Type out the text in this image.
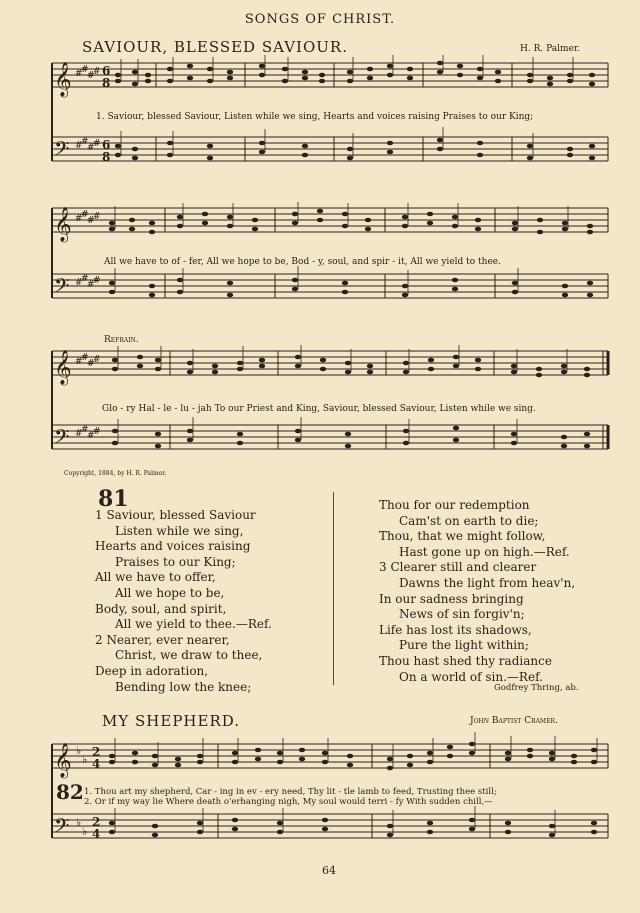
SONGS OF CHRIST.
SAVIOUR, BLESSED SAVIOUR.	H. R. Palmer.
𝄞
𝄢
#
#
#
#
#
#
#
#
6
8
6
8
1. Saviour, blessed Saviour, Listen while we sing, Hearts and voices raising Praises to our King;
𝄞
𝄢
#
#
#
#
#
#
#
#
All we have to of - fer, All we hope to be, Bod - y, soul, and spir - it, All we yield to thee.
Refrain.
𝄞
𝄢
#
#
#
#
#
#
#
#
Glo - ry Hal - le - lu - jah To our Priest and King, Saviour, blessed Saviour, Listen while we sing.
Copyright, 1884, by H. R. Palmer.
81
1 Saviour, blessed Saviour
Listen while we sing,
Hearts and voices raising
Praises to our King;
All we have to offer,
All we hope to be,
Body, soul, and spirit,
All we yield to thee.—Ref.
2 Nearer, ever nearer,
Christ, we draw to thee,
Deep in adoration,
Bending low the knee;
Thou for our redemption
Cam'st on earth to die;
Thou, that we might follow,
Hast gone up on high.—Ref.
3 Clearer still and clearer
Dawns the light from heav'n,
In our sadness bringing
News of sin forgiv'n;
Life has lost its shadows,
Pure the light within;
Thou hast shed thy radiance
On a world of sin.—Ref.
Godfrey Thring, ab.
MY SHEPHERD.	John Baptist Cramer.
𝄞
𝄢
♭
♭
♭
♭
2
4
2
4
82 1. Thou art my shepherd, Car - ing in ev - ery need, Thy lit - tle lamb to feed, Trusting thee still;
2. Or if my way lie Where death o'erhanging nigh, My soul would terri - fy With sudden chill,—
64
